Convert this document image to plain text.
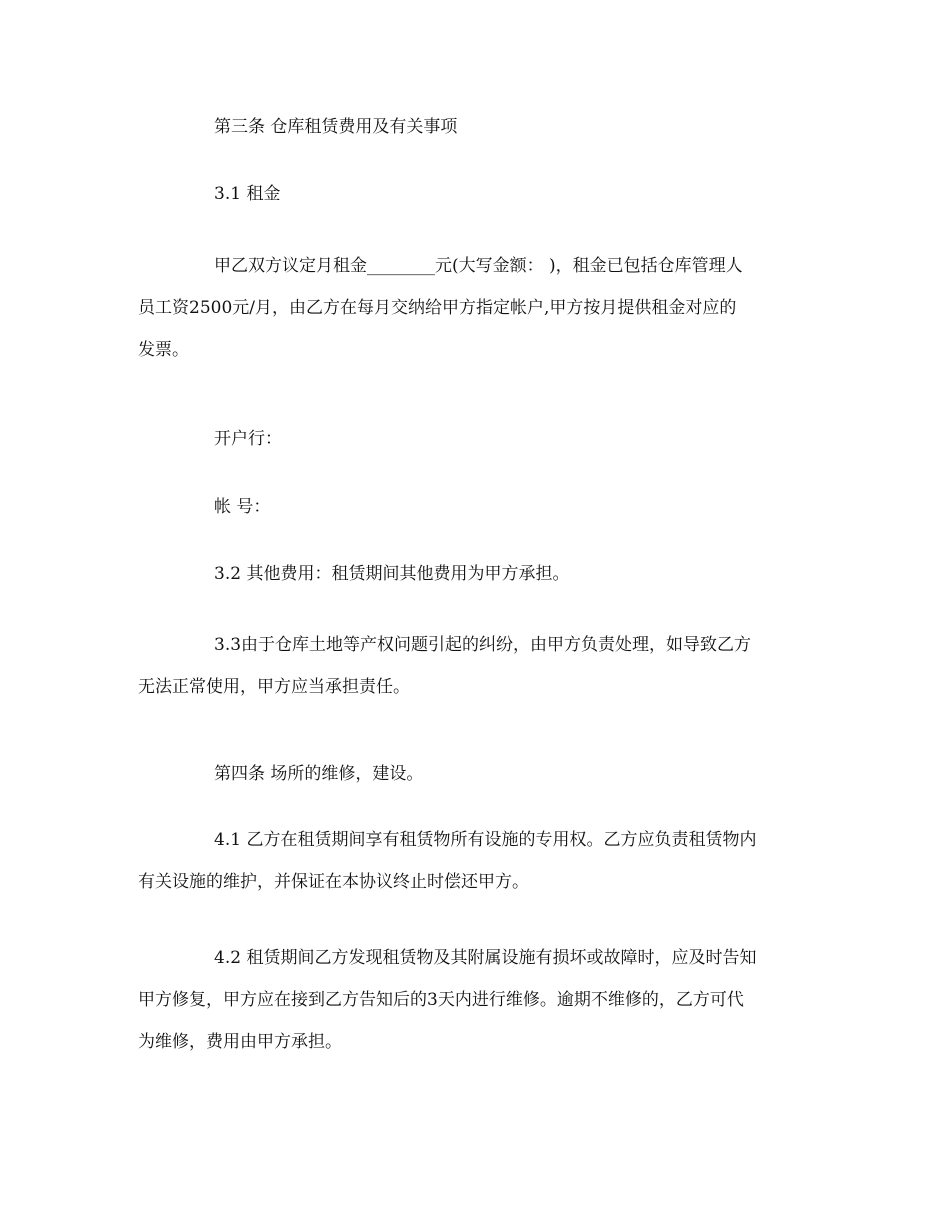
第三条 仓库租赁费用及有关事项
3.1 租金
甲乙双方议定月租金________元(大写金额： )，租金已包括仓库管理人
员工资2500元/月，由乙方在每月交纳给甲方指定帐户,甲方按月提供租金对应的
发票。
开户行：
帐 号：
3.2 其他费用：租赁期间其他费用为甲方承担。
3.3由于仓库土地等产权问题引起的纠纷，由甲方负责处理，如导致乙方
无法正常使用，甲方应当承担责任。
第四条 场所的维修，建设。
4.1 乙方在租赁期间享有租赁物所有设施的专用权。乙方应负责租赁物内
有关设施的维护，并保证在本协议终止时偿还甲方。
4.2 租赁期间乙方发现租赁物及其附属设施有损坏或故障时，应及时告知
甲方修复，甲方应在接到乙方告知后的3天内进行维修。逾期不维修的，乙方可代
为维修，费用由甲方承担。
